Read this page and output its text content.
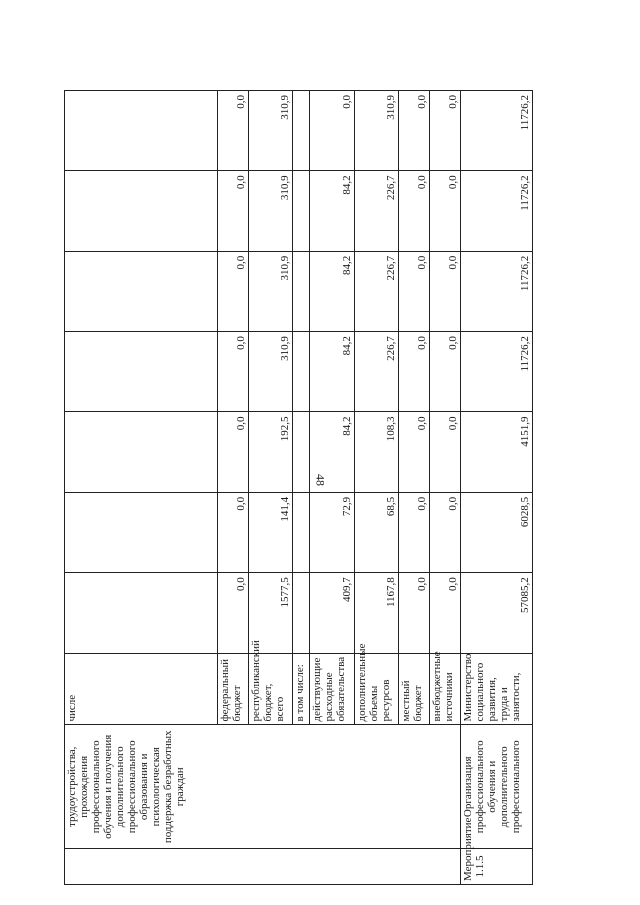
48
	трудоустройства, прохождения профессионального обучения и получения дополнительного профессионального образования и психологическая поддержка безработных граждан	числе							
		федеральный бюджет	0,0	0,0	0,0	0,0	0,0	0,0	0,0
		республиканский бюджет, всего	1577,5	141,4	192,5	310,9	310,9	310,9	310,9
		в том числе:							
		действующие расходные обязательства	409,7	72,9	84,2	84,2	84,2	84,2	0,0
		дополнительные объемы ресурсов	1167,8	68,5	108,3	226,7	226,7	226,7	310,9
		местный бюджет	0,0	0,0	0,0	0,0	0,0	0,0	0,0
		внебюджетные источники	0,0	0,0	0,0	0,0	0,0	0,0	0,0
Мероприятие 1.1.5	Организация профессионального обучения и дополнительного профессионального	Министерство социального развития, труда и занятости,	57085,2	6028,5	4151,9	11726,2	11726,2	11726,2	11726,2
